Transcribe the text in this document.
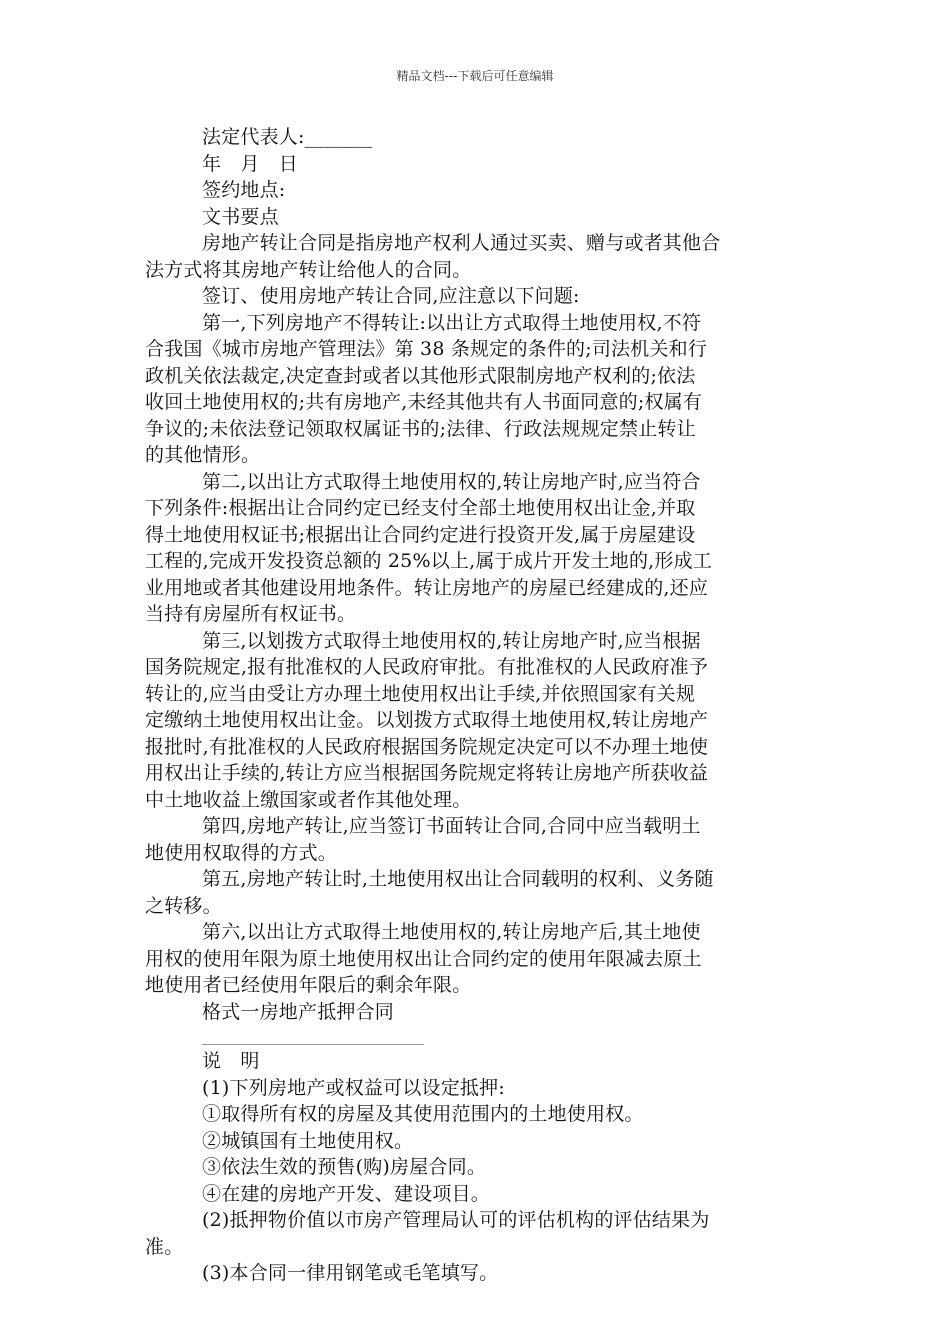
精品文档---下载后可任意编辑
法定代表人:_______
年　月　日
签约地点:
文书要点
房地产转让合同是指房地产权利人通过买卖、赠与或者其他合
法方式将其房地产转让给他人的合同。
签订、使用房地产转让合同,应注意以下问题:
第一,下列房地产不得转让:以出让方式取得土地使用权,不符
合我国《城市房地产管理法》第 38 条规定的条件的;司法机关和行
政机关依法裁定,决定查封或者以其他形式限制房地产权利的;依法
收回土地使用权的;共有房地产,未经其他共有人书面同意的;权属有
争议的;未依法登记领取权属证书的;法律、行政法规规定禁止转让
的其他情形。
第二,以出让方式取得土地使用权的,转让房地产时,应当符合
下列条件:根据出让合同约定已经支付全部土地使用权出让金,并取
得土地使用权证书;根据出让合同约定进行投资开发,属于房屋建设
工程的,完成开发投资总额的 25%以上,属于成片开发土地的,形成工
业用地或者其他建设用地条件。转让房地产的房屋已经建成的,还应
当持有房屋所有权证书。
第三,以划拨方式取得土地使用权的,转让房地产时,应当根据
国务院规定,报有批准权的人民政府审批。有批准权的人民政府准予
转让的,应当由受让方办理土地使用权出让手续,并依照国家有关规
定缴纳土地使用权出让金。以划拨方式取得土地使用权,转让房地产
报批时,有批准权的人民政府根据国务院规定决定可以不办理土地使
用权出让手续的,转让方应当根据国务院规定将转让房地产所获收益
中土地收益上缴国家或者作其他处理。
第四,房地产转让,应当签订书面转让合同,合同中应当载明土
地使用权取得的方式。
第五,房地产转让时,土地使用权出让合同载明的权利、义务随
之转移。
第六,以出让方式取得土地使用权的,转让房地产后,其土地使
用权的使用年限为原土地使用权出让合同约定的使用年限减去原土
地使用者已经使用年限后的剩余年限。
格式一房地产抵押合同
说　明
(1)下列房地产或权益可以设定抵押:
①取得所有权的房屋及其使用范围内的土地使用权。
②城镇国有土地使用权。
③依法生效的预售(购)房屋合同。
④在建的房地产开发、建设项目。
(2)抵押物价值以市房产管理局认可的评估机构的评估结果为
准。
(3)本合同一律用钢笔或毛笔填写。
